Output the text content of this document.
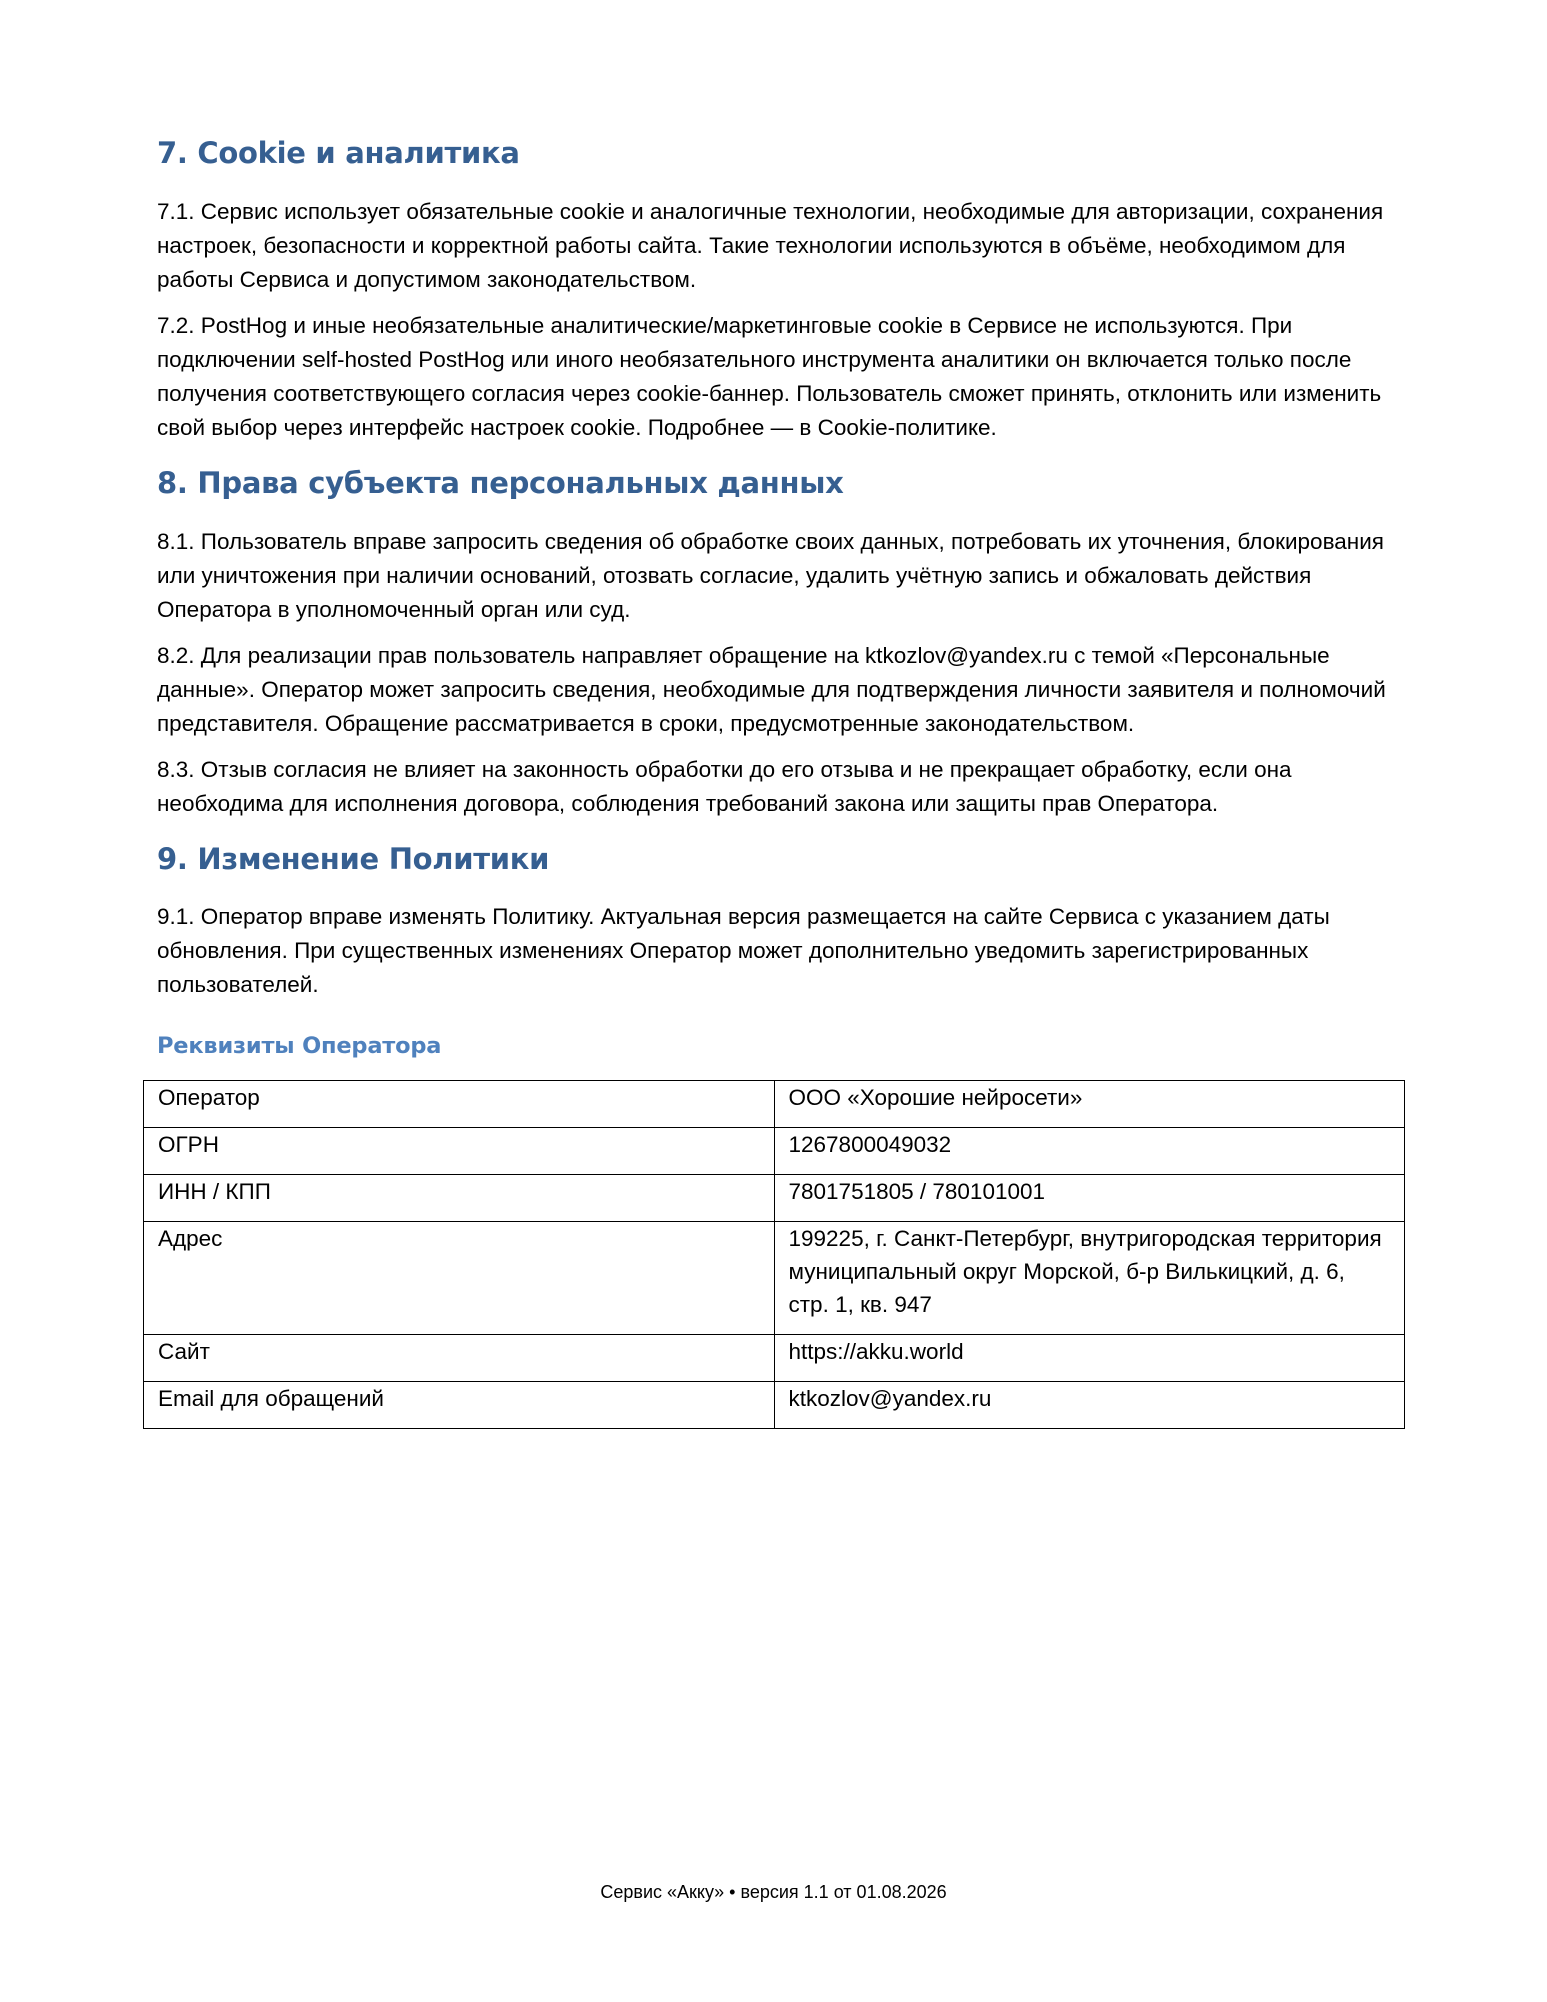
7. Cookie и аналитика

7.1. Сервис использует обязательные cookie и аналогичные технологии, необходимые для авторизации, сохранения настроек, безопасности и корректной работы сайта. Такие технологии используются в объёме, необходимом для работы Сервиса и допустимом законодательством.

7.2. PostHog и иные необязательные аналитические/маркетинговые cookie в Сервисе не используются. При подключении self-hosted PostHog или иного необязательного инструмента аналитики он включается только после получения соответствующего согласия через cookie-баннер. Пользователь сможет принять, отклонить или изменить свой выбор через интерфейс настроек cookie. Подробнее — в Cookie-политике.

8. Права субъекта персональных данных

8.1. Пользователь вправе запросить сведения об обработке своих данных, потребовать их уточнения, блокирования или уничтожения при наличии оснований, отозвать согласие, удалить учётную запись и обжаловать действия Оператора в уполномоченный орган или суд.

8.2. Для реализации прав пользователь направляет обращение на ktkozlov@yandex.ru с темой «Персональные данные». Оператор может запросить сведения, необходимые для подтверждения личности заявителя и полномочий представителя. Обращение рассматривается в сроки, предусмотренные законодательством.

8.3. Отзыв согласия не влияет на законность обработки до его отзыва и не прекращает обработку, если она необходима для исполнения договора, соблюдения требований закона или защиты прав Оператора.

9. Изменение Политики

9.1. Оператор вправе изменять Политику. Актуальная версия размещается на сайте Сервиса с указанием даты обновления. При существенных изменениях Оператор может дополнительно уведомить зарегистрированных пользователей.

Реквизиты Оператора
Оператор	ООО «Хорошие нейросети»
ОГРН	1267800049032
ИНН / КПП	7801751805 / 780101001
Адрес	199225, г. Санкт-Петербург, внутригородская территория муниципальный округ Морской, б-р Вилькицкий, д. 6, стр. 1, кв. 947
Сайт	https://akku.world
Email для обращений	ktkozlov@yandex.ru
Сервис «Акку» • версия 1.1 от 01.08.2026
